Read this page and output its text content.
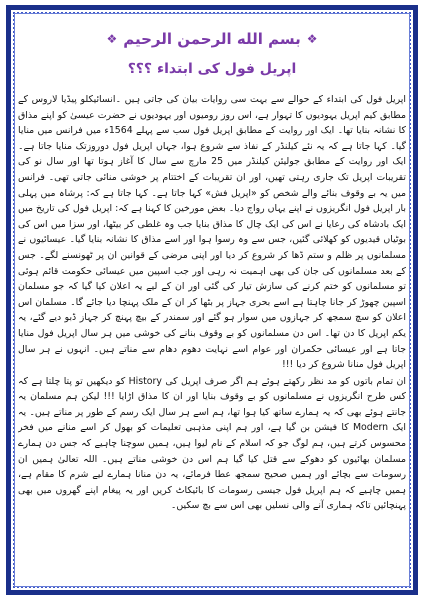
❖ بسم الله الرحمن الرحیم ❖
اپریل فول کی ابتداء ؟؟؟

اپریل فول کی ابتداء کے حوالے سے بہت سی روایات بیان کی جاتی ہیں ۔انسائیکلو پیڈیا لاروس کے مطابق کیم اپریل یہودیوں کا تہوار ہے، اس روز رومیوں اور یہودیوں نے حضرت عیسیٰ کو اپنے مذاق کا نشانہ بنایا تھا۔ ایک اور روایت کے مطابق اپریل فول سب سے پہلے 1564ء میں فرانس میں منایا گیا۔ کہا جاتا ہے کہ یہ نئے کیلنڈر کے نفاذ سے شروع ہوا، جہاں اپریل فول دوروزتک منایا جاتا ہے۔ایک اور روایت کے مطابق جولیئن کیلنڈر میں 25 مارچ سے سال کا آغاز ہوتا تھا اور سال نو کی تقریبات اپریل تک جاری رہتی تھیں، اور ان تقریبات کے اختتام پر خوشی منائی جاتی تھی۔ فرانس میں یہ بے وقوف بنائے والے شخص کو «اپریل فش» کہا جاتا ہے۔ کہا جاتا ہے کہ: پرشاہ میں پہلی بار اپریل فول انگریزوں نے اپنے یہاں رواج دیا۔ بعض مورخین کا کہنا ہے کہ: اپریل فول کی تاریخ میں ایک بادشاہ کی رعایا نے اس کی ایک چال کا مذاق بنایا جب وہ غلطی کر بیٹھا، اور سزا میں اس کی بوٹیاں قیدیوں کو کھلائی گئیں، جس سے وہ رسوا ہوا اور اسے مذاق کا نشانہ بنایا گیا۔ عیسائیوں نے مسلمانوں پر ظلم و ستم ڈھا کر شروع کر دیا اور اپنی مرضی کے قوانین ان پر ٹھونسنے لگے۔ جس کے بعد مسلمانوں کی جان کی بھی اہمیت نہ رہی اور جب اسپین میں عیسائی حکومت قائم ہوئی تو مسلمانوں کو ختم کرنے کی سازش تیار کی گئی اور ان کے لیے یہ اعلان کیا گیا کہ جو مسلمان اسپین چھوڑ کر جانا چاہتا ہے اسے بحری جہاز پر بٹھا کر ان کے ملک پہنچا دیا جائے گا۔ مسلمان اس اعلان کو سچ سمجھ کر جہازوں میں سوار ہو گئے اور سمندر کے بیچ پہنچ کر جہاز ڈبو دیے گئے، یہ یکم اپریل کا دن تھا۔ اس دن مسلمانوں کو بے وقوف بنانے کی خوشی میں ہر سال اپریل فول منایا جاتا ہے اور عیسائی حکمران اور عوام اسے نہایت دھوم دھام سے مناتے ہیں۔ انہوں نے ہر سال اپریل فول منانا شروع کر دیا !!!

ان تمام باتوں کو مد نظر رکھتے ہوئے ہم اگر صرف اپریل کی History کو دیکھیں تو پتا چلتا ہے کہ کس طرح انگریزوں نے مسلمانوں کو بے وقوف بنایا اور ان کا مذاق اڑایا !!! لیکن ہم مسلمان یہ جانتے ہوئے بھی کہ یہ ہمارے ساتھ کیا ہوا تھا، ہم اسے ہر سال ایک رسم کے طور پر مناتے ہیں۔ یہ ایک Modern کا فیشن بن گیا ہے، اور ہم اپنی مذہبی تعلیمات کو بھول کر اسے منانے میں فخر محسوس کرتے ہیں، ہم لوگ جو کہ اسلام کے نام لیوا ہیں، ہمیں سوچنا چاہیے کہ جس دن ہمارے مسلمان بھائیوں کو دھوکے سے قتل کیا گیا ہم اس دن خوشی مناتے ہیں۔ اللہ تعالیٰ ہمیں ان رسومات سے بچائے اور ہمیں صحیح سمجھ عطا فرمائے، یہ دن منانا ہمارے لیے شرم کا مقام ہے، ہمیں چاہیے کہ ہم اپریل فول جیسی رسومات کا بائیکاٹ کریں اور یہ پیغام اپنے گھروں میں بھی پہنچائیں تاکہ ہماری آنے والی نسلیں بھی اس سے بچ سکیں۔
